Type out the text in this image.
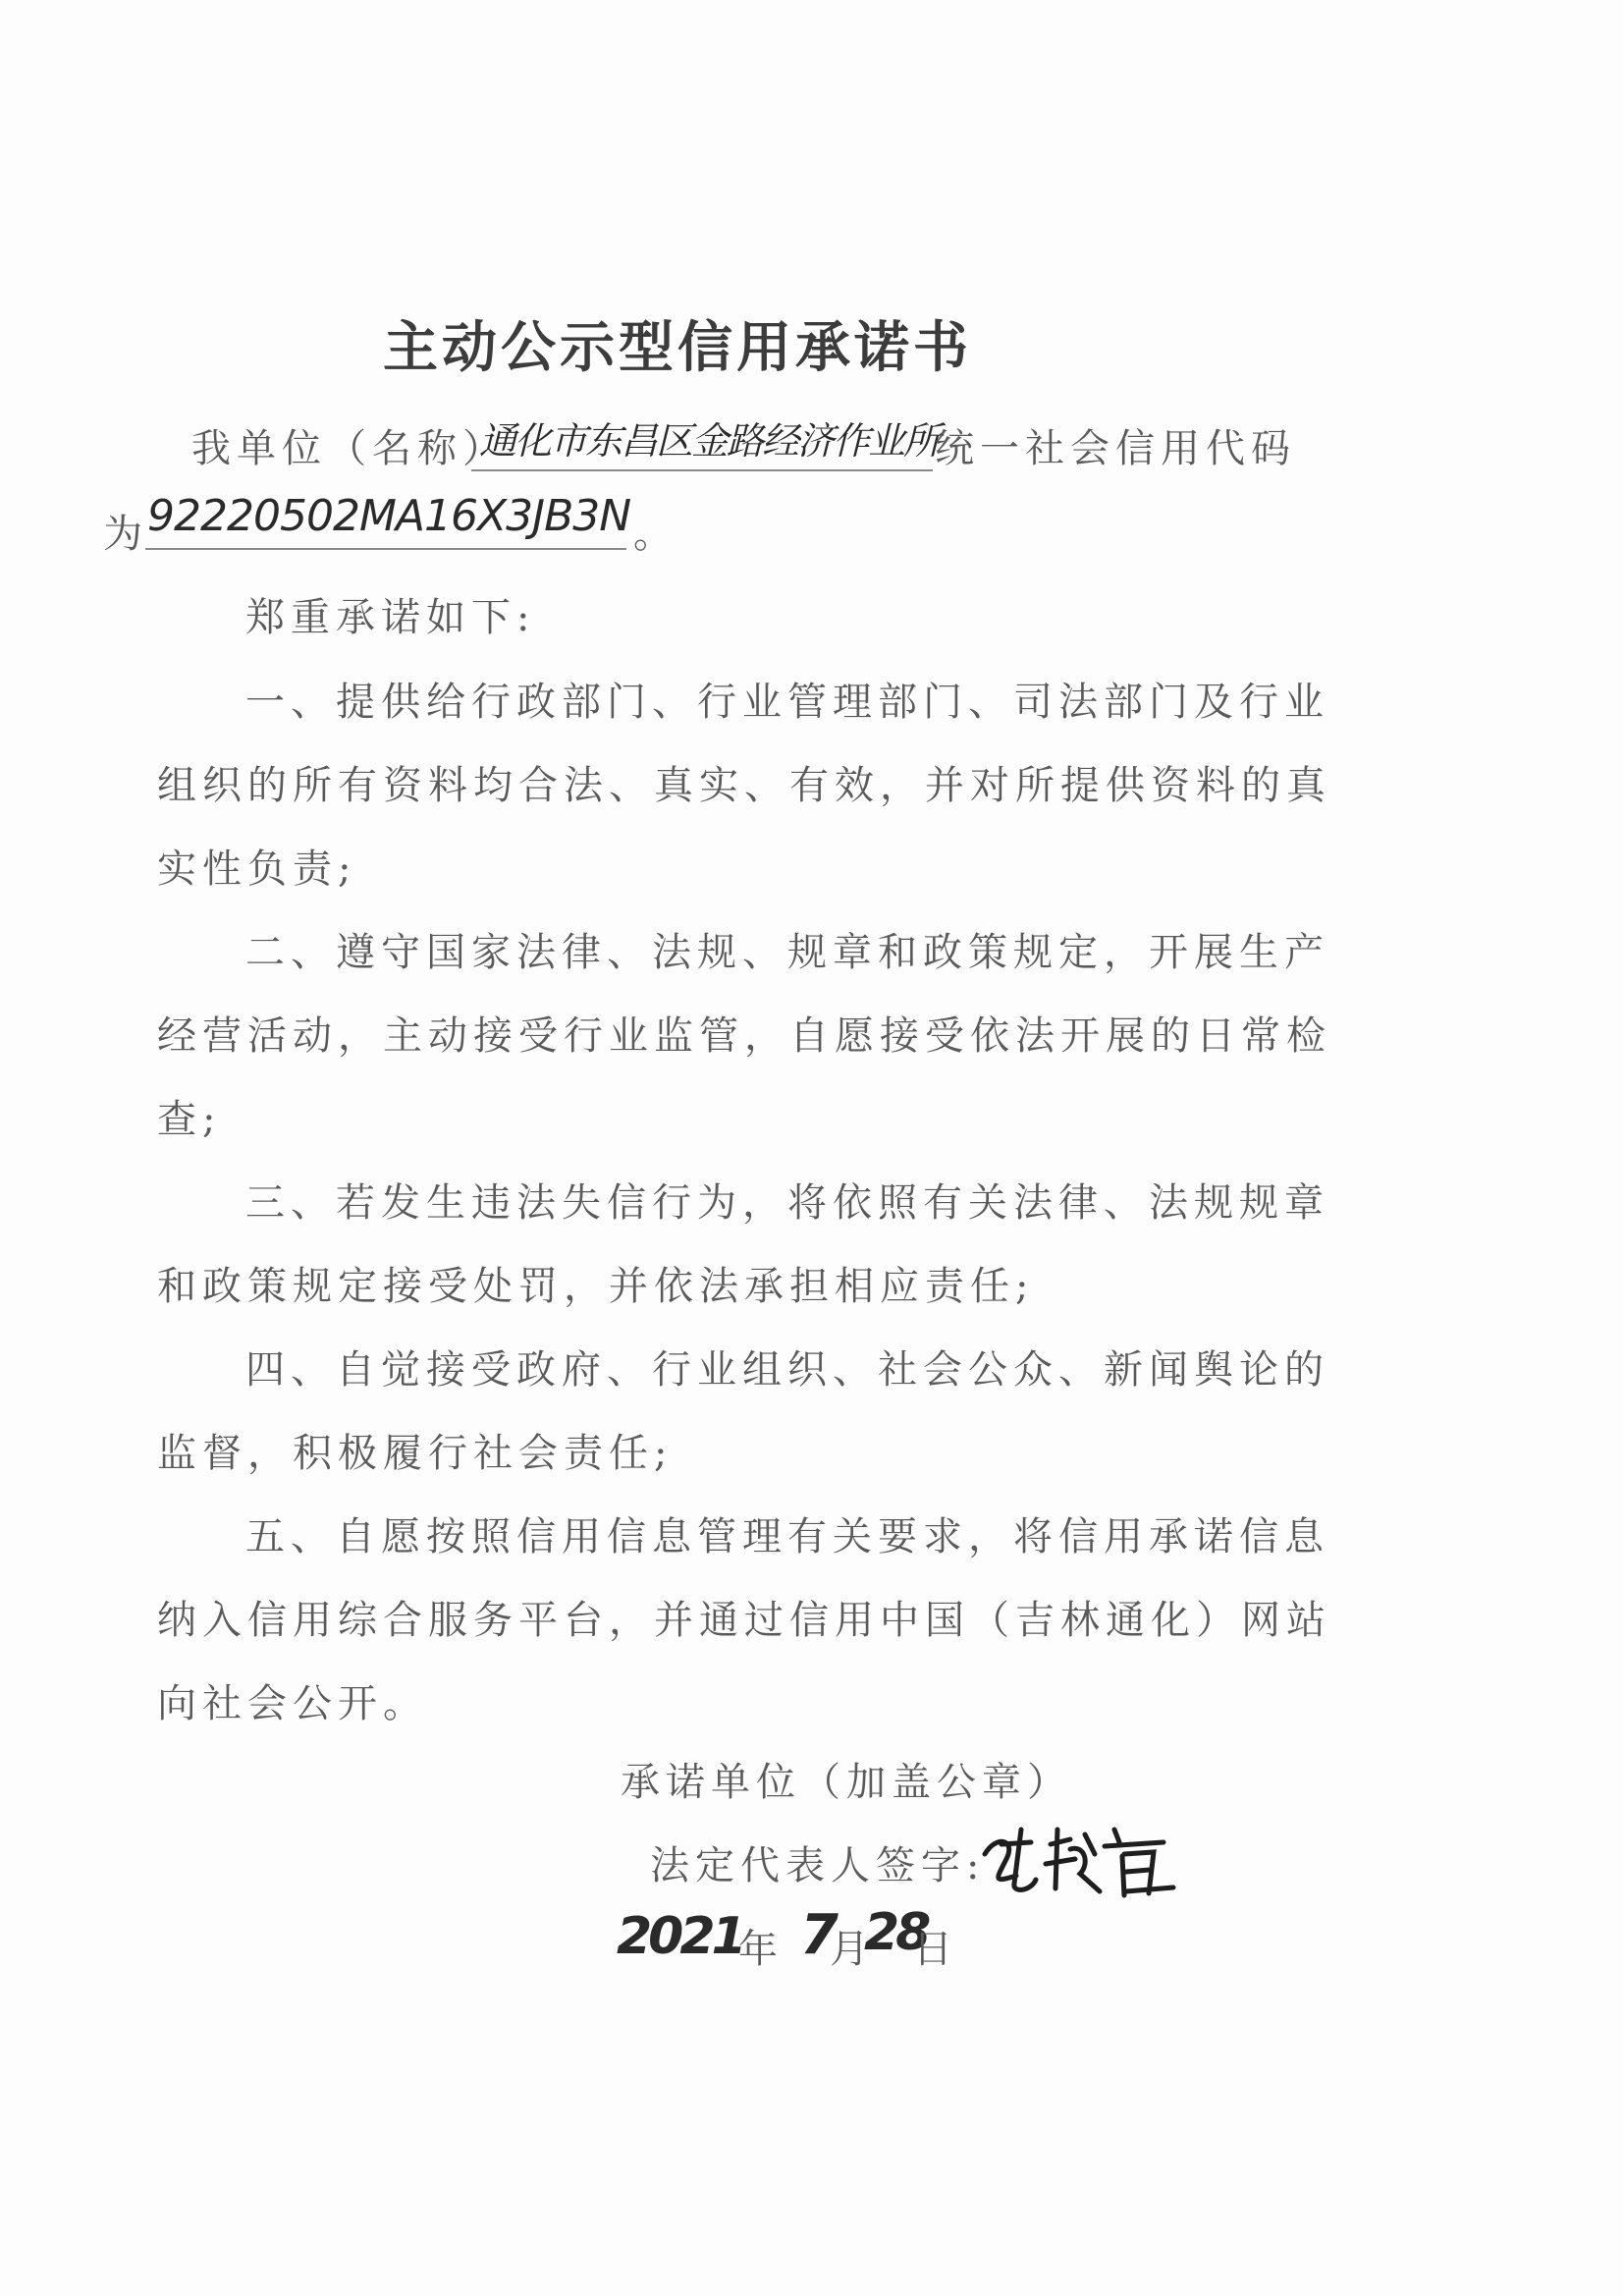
主动公示型信用承诺书
我单位（名称）
通化市东昌区金路经济作业所
统一社会信用代码
为 92220502MA16X3JB3N 。
郑重承诺如下:
一、提供给行政部门、行业管理部门、司法部门及行业
组织的所有资料均合法、真实、有效，并对所提供资料的真
实性负责;
二、遵守国家法律、法规、规章和政策规定，开展生产
经营活动，主动接受行业监管，自愿接受依法开展的日常检
查;
三、若发生违法失信行为，将依照有关法律、法规规章
和政策规定接受处罚，并依法承担相应责任;
四、自觉接受政府、行业组织、社会公众、新闻舆论的
监督，积极履行社会责任;
五、自愿按照信用信息管理有关要求，将信用承诺信息
纳入信用综合服务平台，并通过信用中国（吉林通化）网站
向社会公开。
承诺单位（加盖公章）
法定代表人签字:
2021
年 7
月
28
日
